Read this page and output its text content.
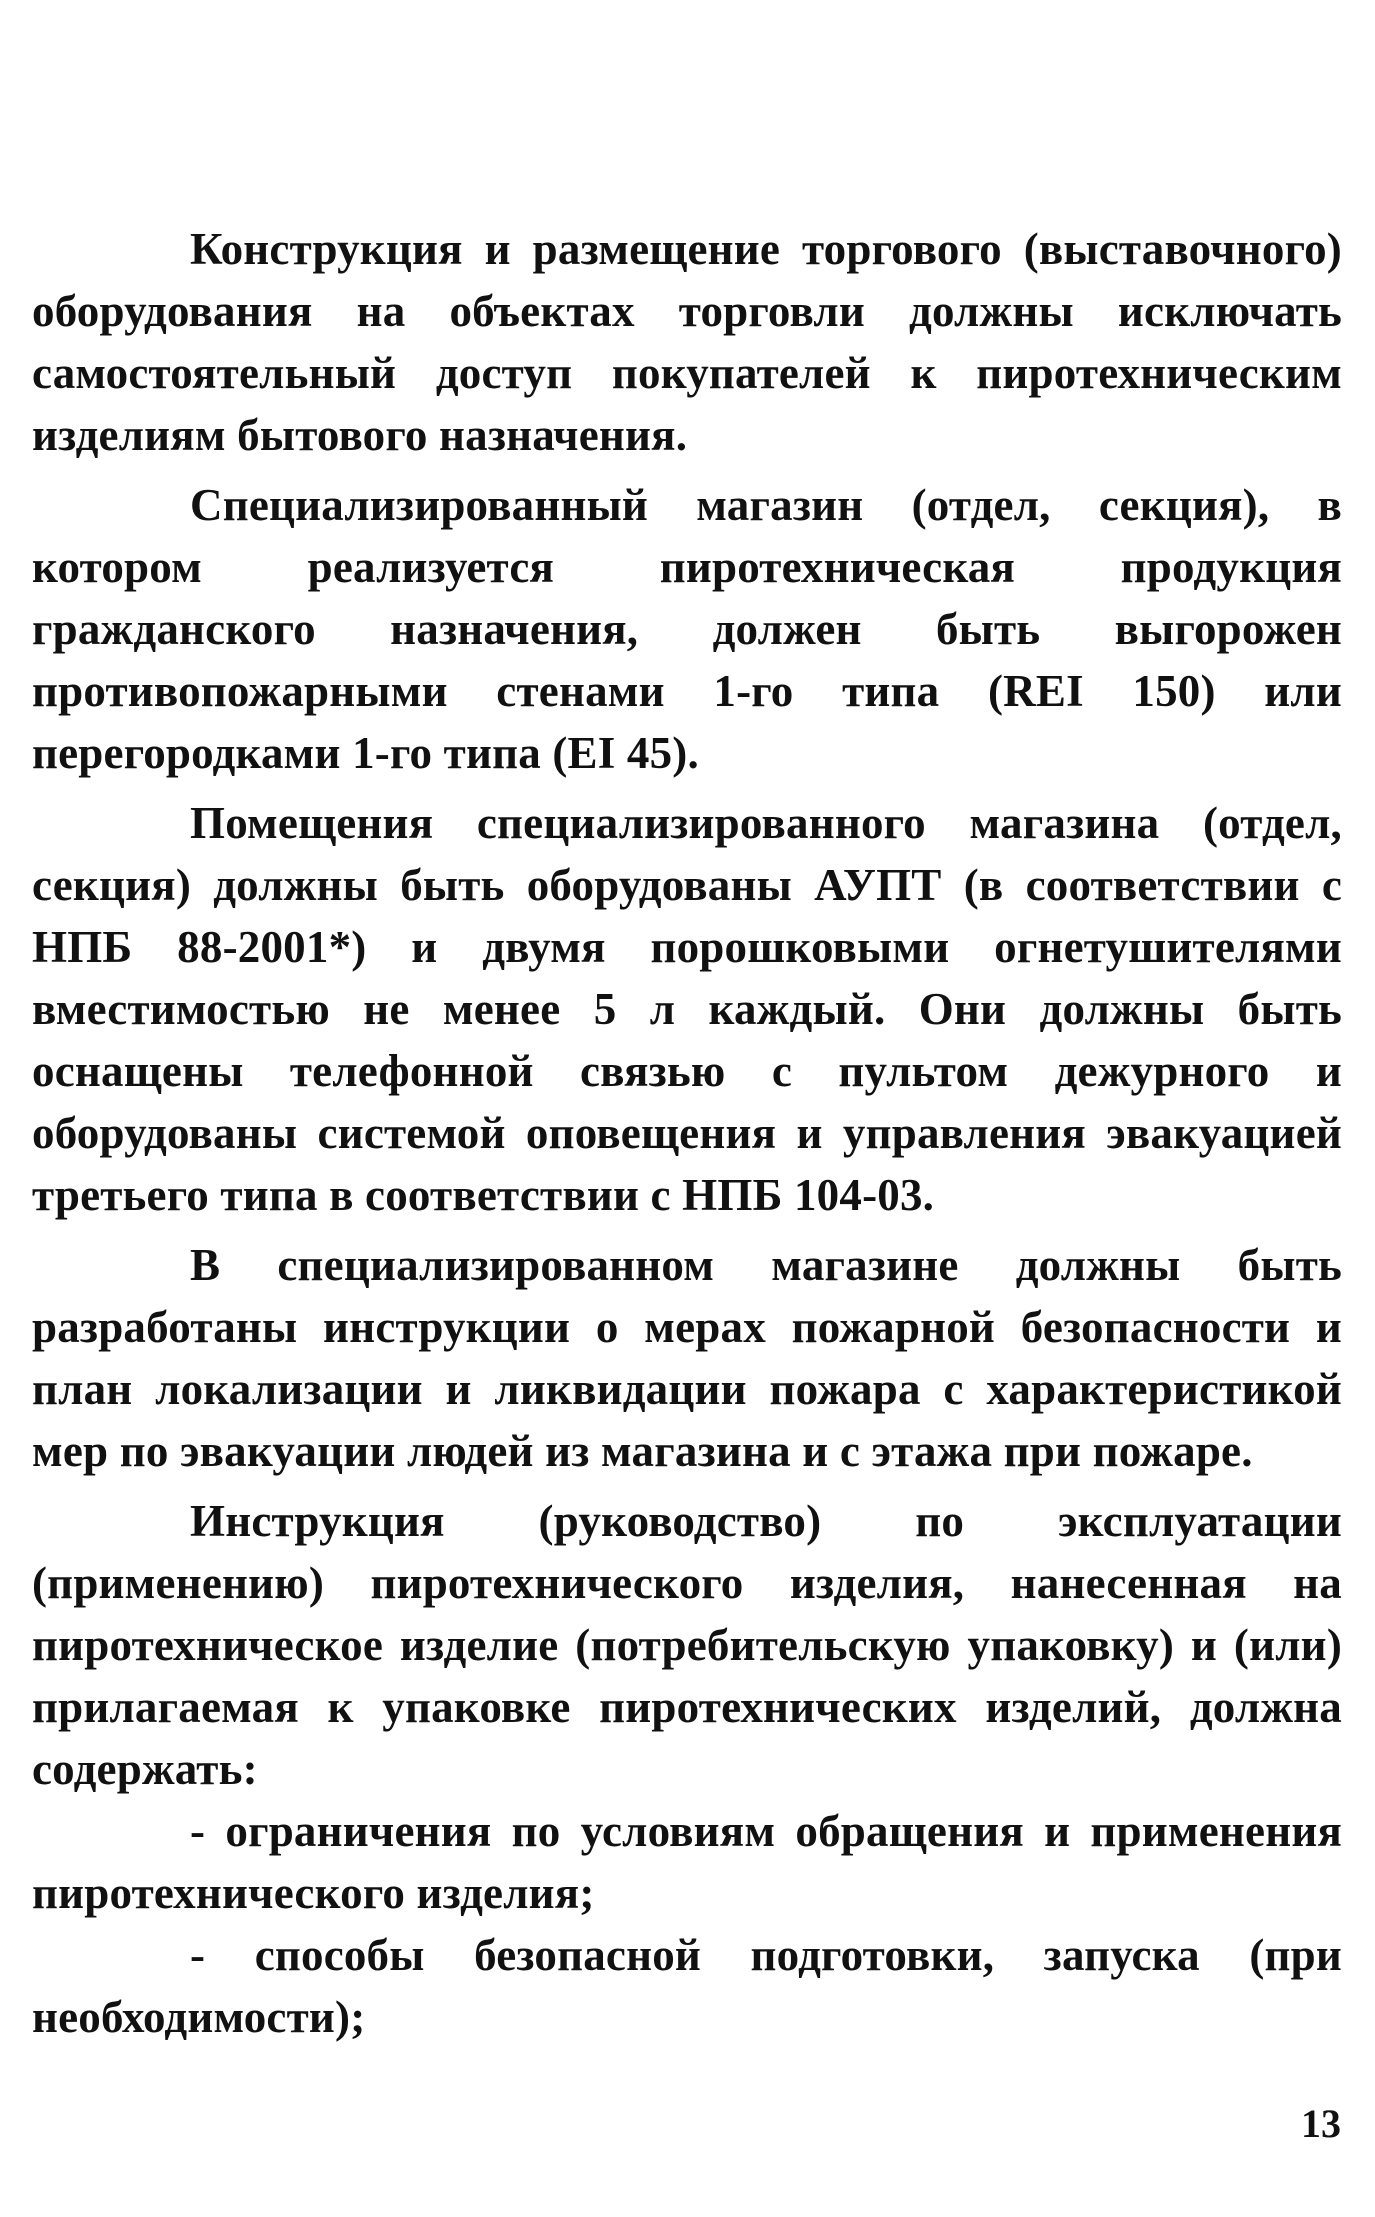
Конструкция и размещение торгового (выставочного) оборудования на объектах торговли должны исключать самостоятельный доступ покупателей к пиротехническим изделиям бытового назначения.

Специализированный магазин (отдел, секция), в котором реализуется пиротехническая продукция гражданского назначения, должен быть выгорожен противопожарными стенами 1-го типа (REI 150) или перегородками 1-го типа (EI 45).

Помещения специализированного магазина (отдел, секция) должны быть оборудованы АУПТ (в соответствии с НПБ 88-2001*) и двумя порошковыми огнетушителями вместимостью не менее 5 л каждый. Они должны быть оснащены телефонной связью с пультом дежурного и оборудованы системой оповещения и управления эвакуацией третьего типа в соответствии с НПБ 104-03.

В специализированном магазине должны быть разработаны инструкции о мерах пожарной безопасности и план локализации и ликвидации пожара с характеристикой мер по эвакуации людей из магазина и с этажа при пожаре.

Инструкция (руководство) по эксплуатации (применению) пиротехнического изделия, нанесенная на пиротехническое изделие (потребительскую упаковку) и (или) прилагаемая к упаковке пиротехнических изделий, должна содержать:

- ограничения по условиям обращения и применения пиротехнического изделия;

- способы безопасной подготовки, запуска (при необходимости);

13
